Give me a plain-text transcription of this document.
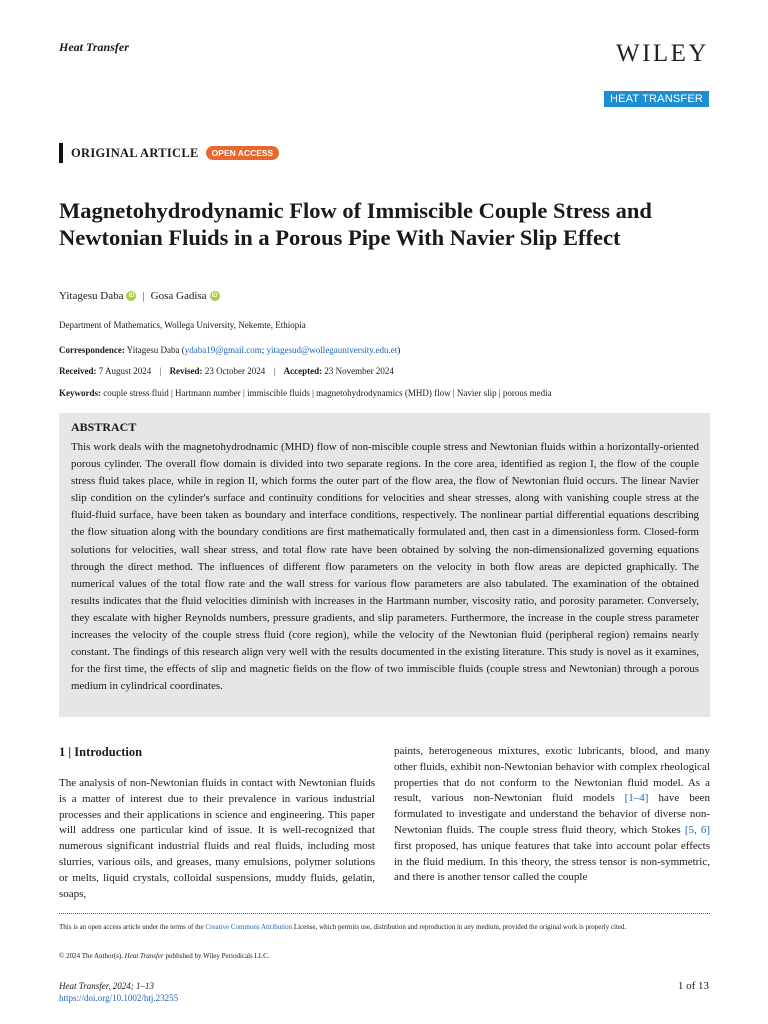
Heat Transfer	WILEY
HEAT TRANSFER
ORIGINAL ARTICLE	OPEN ACCESS
Magnetohydrodynamic Flow of Immiscible Couple Stress and Newtonian Fluids in a Porous Pipe With Navier Slip Effect
Yitagesu Daba iD | Gosa Gadisa iD
Department of Mathematics, Wollega University, Nekemte, Ethiopia
Correspondence: Yitagesu Daba (ydaba19@gmail.com; yitagesud@wollegauniversity.edu.et)
Received: 7 August 2024 | Revised: 23 October 2024 | Accepted: 23 November 2024
Keywords: couple stress fluid | Hartmann number | immiscible fluids | magnetohydrodynamics (MHD) flow | Navier slip | porous media
ABSTRACT
This work deals with the magnetohydrodnamic (MHD) flow of non-miscible couple stress and Newtonian fluids within a horizontally-oriented porous cylinder. The overall flow domain is divided into two separate regions. In the core area, identified as region I, the flow of the couple stress fluid takes place, while in region II, which forms the outer part of the flow area, the flow of Newtonian fluid occurs. The linear Navier slip condition on the cylinder's surface and continuity conditions for velocities and shear stresses, along with vanishing couple stress at the fluid-fluid surface, have been taken as boundary and interface conditions, respectively. The nonlinear partial differential equations describing the flow situation along with the boundary conditions are first mathematically formulated and, then cast in a dimensionless form. Closed-form solutions for velocities, wall shear stress, and total flow rate have been obtained by solving the non-dimensionalized governing equations through the direct method. The influences of different flow parameters on the velocity in both flow areas are depicted graphically. The numerical values of the total flow rate and the wall stress for various flow parameters are also tabulated. The examination of the obtained results indicates that the fluid velocities diminish with increases in the Hartmann number, viscosity ratio, and porosity parameter. Conversely, they escalate with higher Reynolds numbers, pressure gradients, and slip parameters. Furthermore, the increase in the couple stress parameter increases the velocity of the couple stress fluid (core region), while the velocity of the Newtonian fluid (peripheral region) remains nearly constant. The findings of this research align very well with the results documented in the existing literature. This study is novel as it examines, for the first time, the effects of slip and magnetic fields on the flow of two immiscible fluids (couple stress and Newtonian) through a porous medium in cylindrical coordinates.
1 | Introduction
The analysis of non-Newtonian fluids in contact with Newtonian fluids is a matter of interest due to their prevalence in various industrial processes and their applications in science and engineering. This paper will address one particular kind of issue. It is well-recognized that numerous significant industrial fluids and real fluids, including most slurries, various oils, and greases, many emulsions, polymer solutions or melts, liquid crystals, colloidal suspensions, muddy fluids, gelatin, soaps,
paints, heterogeneous mixtures, exotic lubricants, blood, and many other fluids, exhibit non-Newtonian behavior with complex rheological properties that do not conform to the Newtonian fluid model. As a result, various non-Newtonian fluid models [1–4] have been formulated to investigate and understand the behavior of diverse non-Newtonian fluids. The couple stress fluid theory, which Stokes [5, 6] first proposed, has unique features that take into account polar effects in the fluid medium. In this theory, the stress tensor is non-symmetric, and there is another tensor called the couple
This is an open access article under the terms of the Creative Commons Attribution License, which permits use, distribution and reproduction in any medium, provided the original work is properly cited.
© 2024 The Author(s). Heat Transfer published by Wiley Periodicals LLC.
Heat Transfer, 2024; 1–13
https://doi.org/10.1002/htj.23255
1 of 13
